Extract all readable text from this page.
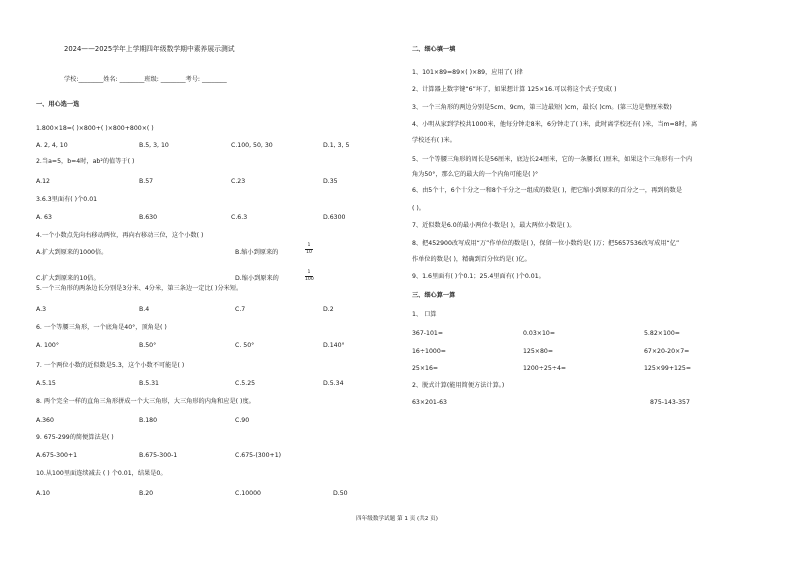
2024——2025学年上学期四年级数学期中素养展示测试
学校:________姓名: ________班级: ________考号: ________
一、用心选一选
1.800×18=( )×800+( )×800+800×( )
A. 2, 4, 10	B.5, 3, 10	C.100, 50, 30	D.1, 3, 5
2.当a=5，b=4时，ab²的值等于( )
A.12	B.57	C.23	D.35
3.6.3里面有( )个0.01
A. 63	B.630	C.6.3	D.6300
4.一个小数点先向右移动两位，再向右移动三位，这个小数( )
A.扩大到原来的1000倍。	B.缩小到原来的
1
10
C.扩大到原来的10倍。	D.缩小到原来的
1
100
5.一个三角形的两条边长分别是3分米、4分米，第三条边一定比( )分米短。
A.3	B.4	C.7	D.2
6. 一个等腰三角形，一个底角是40°，顶角是( )
A. 100°	B.50°	C. 50°	D.140°
7. 一个两位小数的近似数是5.3，这个小数不可能是( )
A.5.15	B.5.31	C.5.25	D.5.34
8. 两个完全一样的直角三角形拼成一个大三角形，大三角形的内角和应是( )度。
A.360	B.180	C.90
9. 675-299的简便算法是( )
A.675-300+1	B.675-300-1	C.675-(300+1)
10.从100里面连续减去 ( ) 个0.01，结果是0。
A.10	B.20	C.10000	D.50
二、细心填一填
1、101×89=89×( )×89，应用了( )律
2、计算器上数字键“6”坏了，如果想计算 125×16.可以将这个式子变成( )
3、一个三角形的两边分别是5cm、9cm，第三边最短( )cm，最长( )cm。(第三边是整厘米数)
4、小明从家到学校共1000米，他每分钟走8米，6分钟走了( )米，此时离学校还有( )米，当m=8时，离
学校还有( )米。
5、一个等腰三角形的周长是56厘米，底边长24厘米，它的一条腰长( )厘米，如果这个三角形有一个内
角为50°，那么它的最大的一个内角可能是( )°
6、由5个十，6个十分之一和8个千分之一组成的数是( )，把它缩小到原来的百分之一，再到的数是
( )。
7、近似数是6.0的最小两位小数是( )，最大两位小数是( )。
8、把452900改写成用“万”作单位的数是( )，保留一位小数约是( )万；把5657536改写成用“亿”
作单位的数是( )，精确到百分位约是( )亿。
9、1.6里面有( )个0.1；25.4里面有( )个0.01。
三、细心算一算
1、 口算
367-101=	0.03×10=	5.82×100=
16÷1000=	125×80=	67×20-20×7=
25×16=	1200÷25÷4=	125×99+125=
2、脱式计算(能用简便方法计算。)
63×201-63	875-143-357
四年级数学试题 第 1 页 (共2 页)
